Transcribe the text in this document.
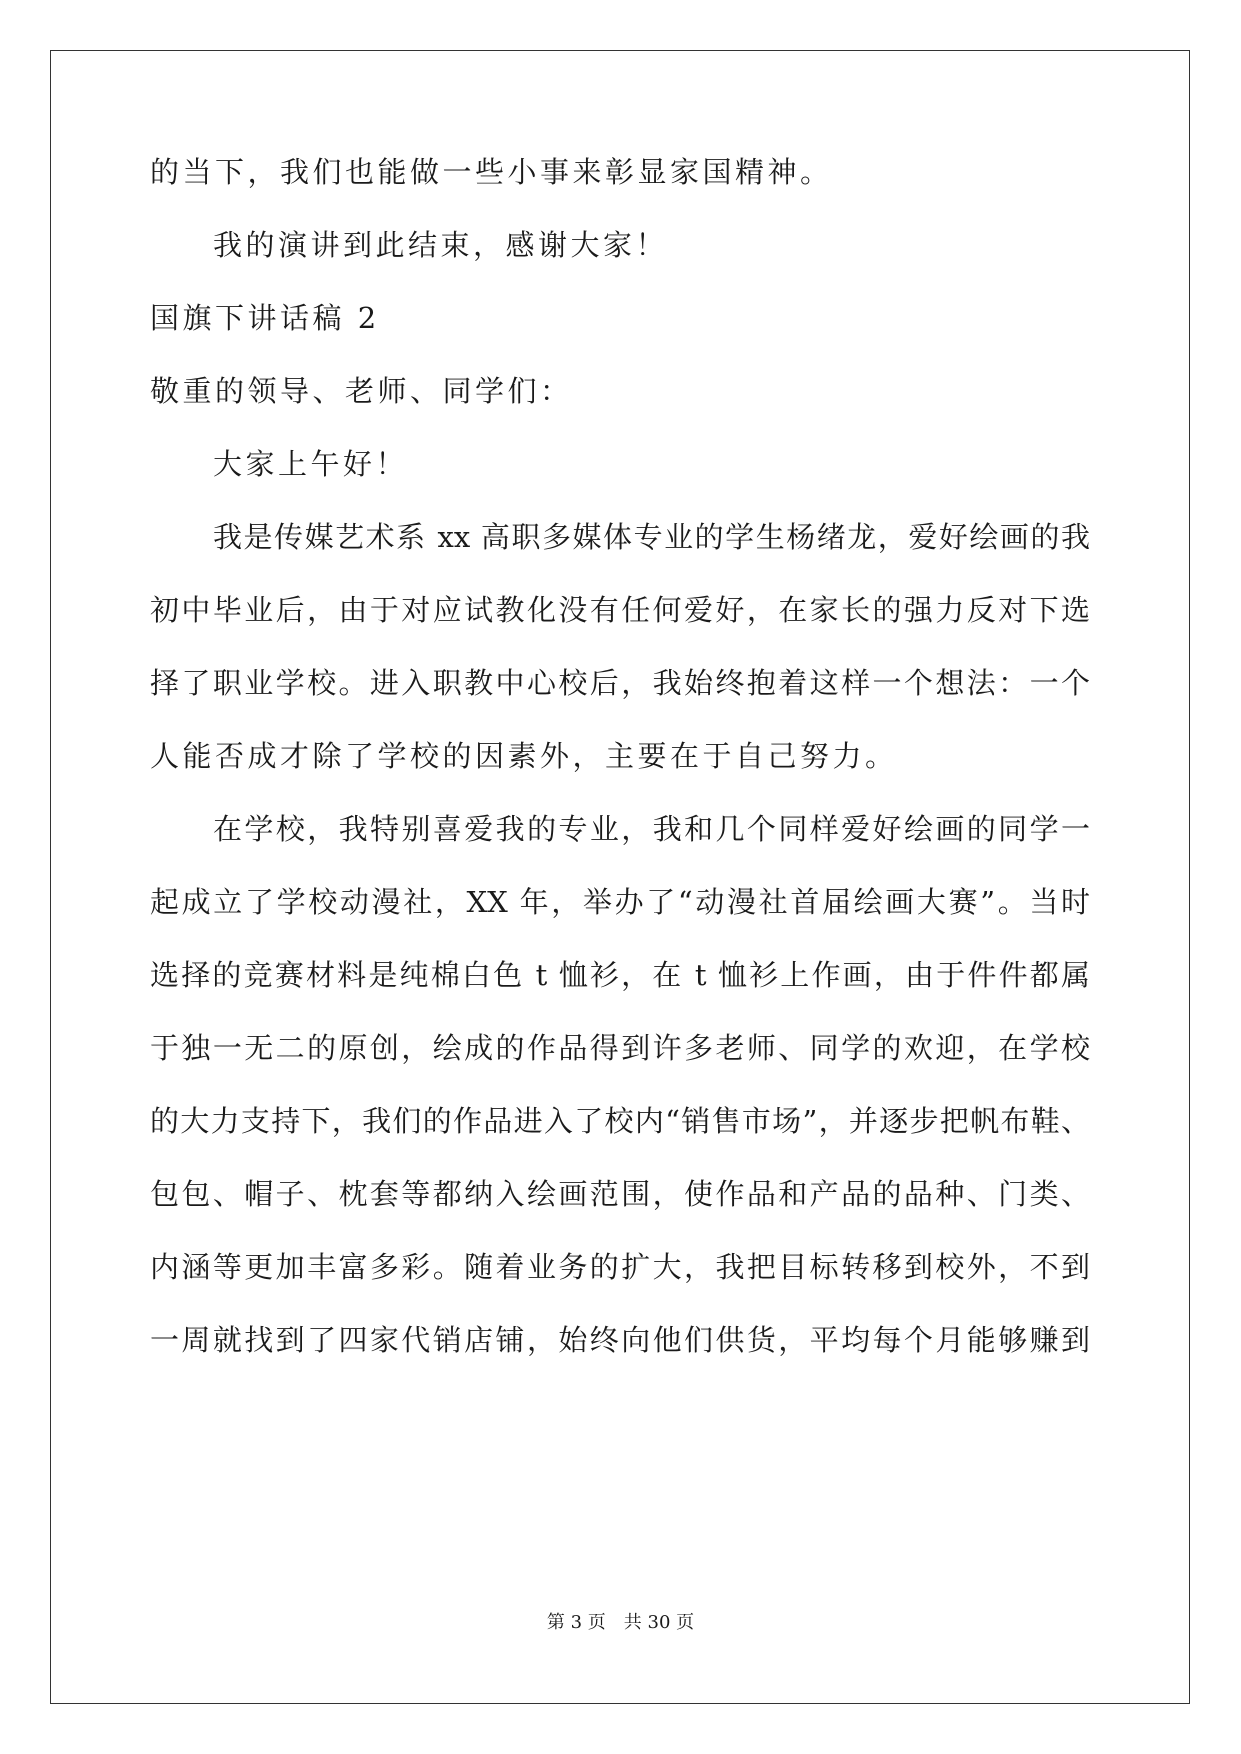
的当下，我们也能做一些小事来彰显家国精神。
我的演讲到此结束，感谢大家！
国旗下讲话稿 2
敬重的领导、老师、同学们：
大家上午好！
我是传媒艺术系 xx 高职多媒体专业的学生杨绪龙，爱好绘画的我
初中毕业后，由于对应试教化没有任何爱好，在家长的强力反对下选
择了职业学校。进入职教中心校后，我始终抱着这样一个想法：一个
人能否成才除了学校的因素外，主要在于自己努力。
在学校，我特别喜爱我的专业，我和几个同样爱好绘画的同学一
起成立了学校动漫社，XX 年，举办了“动漫社首届绘画大赛”。当时
选择的竞赛材料是纯棉白色 t 恤衫，在 t 恤衫上作画，由于件件都属
于独一无二的原创，绘成的作品得到许多老师、同学的欢迎，在学校
的大力支持下，我们的作品进入了校内“销售市场”，并逐步把帆布鞋、
包包、帽子、枕套等都纳入绘画范围，使作品和产品的品种、门类、
内涵等更加丰富多彩。随着业务的扩大，我把目标转移到校外，不到
一周就找到了四家代销店铺，始终向他们供货，平均每个月能够赚到
第 3 页 共 30 页
